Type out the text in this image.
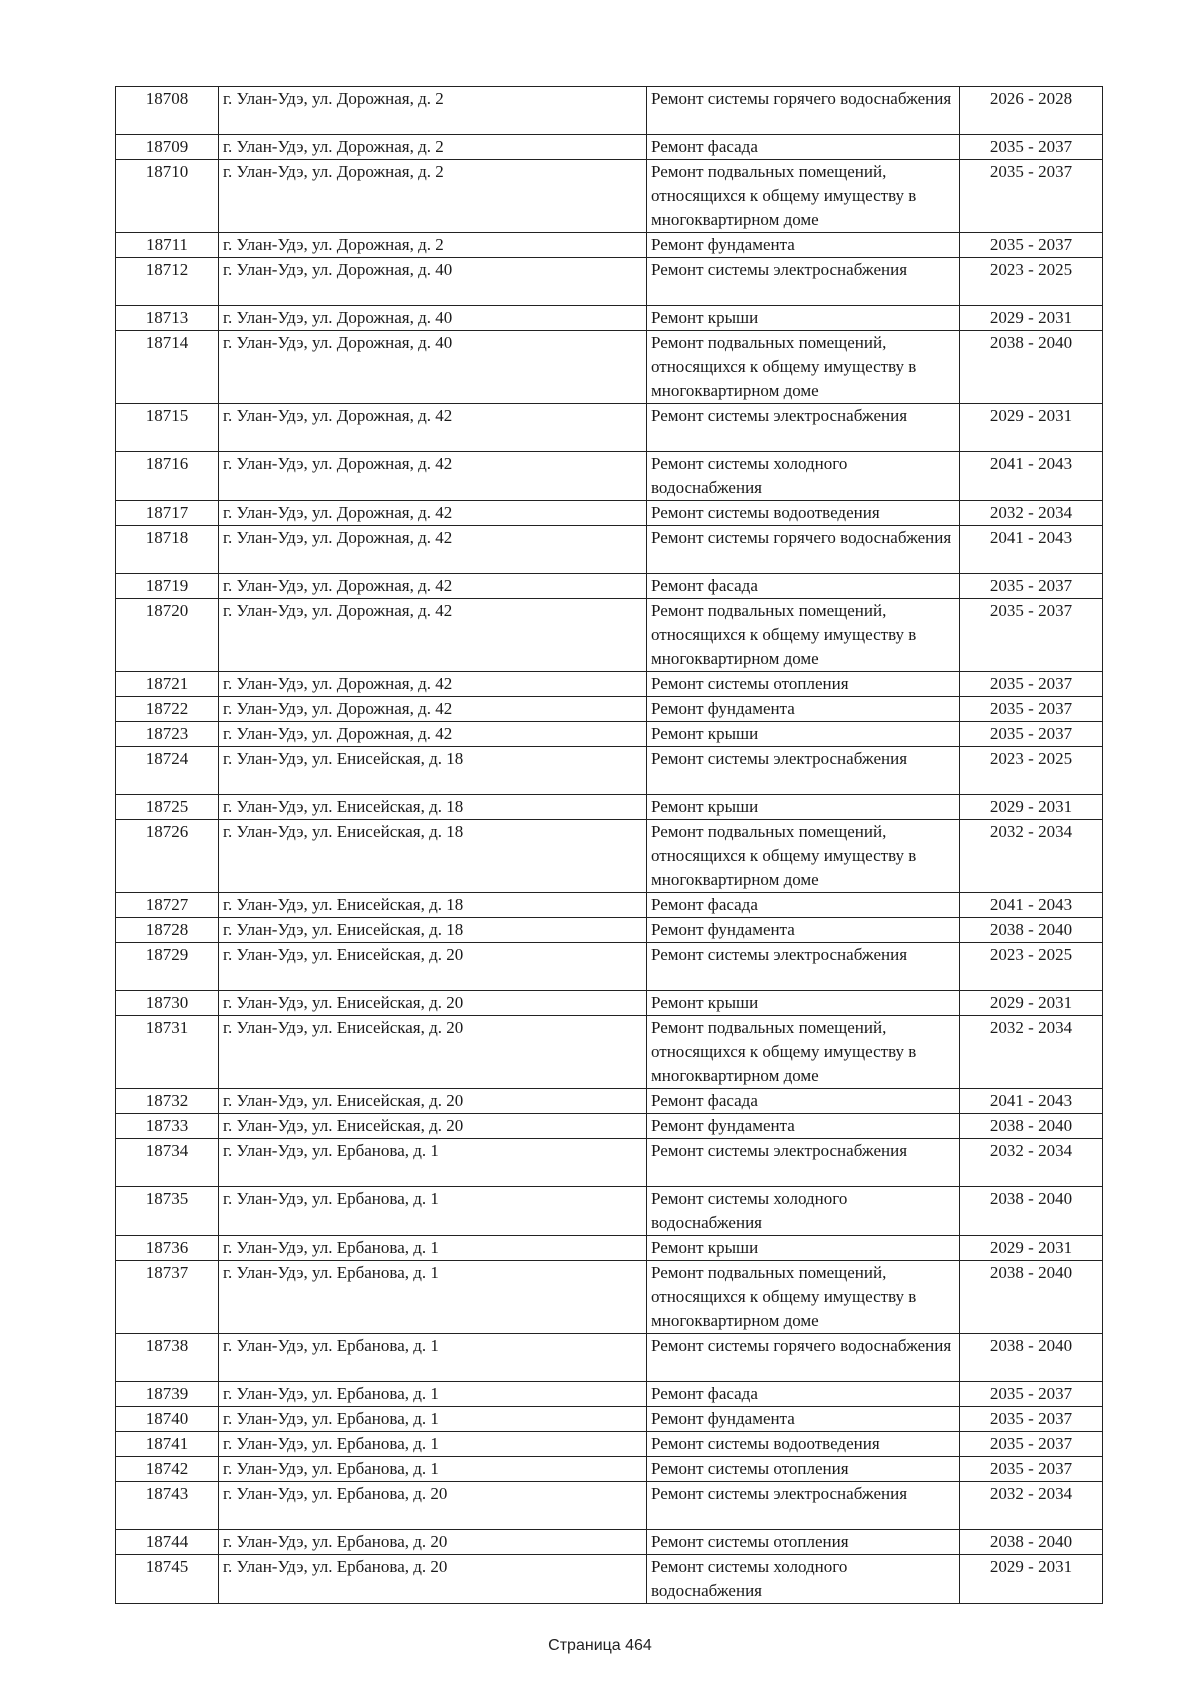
18708	г. Улан-Удэ, ул. Дорожная, д. 2	Ремонт системы горячего водоснабжения	2026 - 2028
18709	г. Улан-Удэ, ул. Дорожная, д. 2	Ремонт фасада	2035 - 2037
18710	г. Улан-Удэ, ул. Дорожная, д. 2	Ремонт подвальных помещений, относящихся к общему имуществу в многоквартирном доме	2035 - 2037
18711	г. Улан-Удэ, ул. Дорожная, д. 2	Ремонт фундамента	2035 - 2037
18712	г. Улан-Удэ, ул. Дорожная, д. 40	Ремонт системы электроснабжения	2023 - 2025
18713	г. Улан-Удэ, ул. Дорожная, д. 40	Ремонт крыши	2029 - 2031
18714	г. Улан-Удэ, ул. Дорожная, д. 40	Ремонт подвальных помещений, относящихся к общему имуществу в многоквартирном доме	2038 - 2040
18715	г. Улан-Удэ, ул. Дорожная, д. 42	Ремонт системы электроснабжения	2029 - 2031
18716	г. Улан-Удэ, ул. Дорожная, д. 42	Ремонт системы холодного водоснабжения	2041 - 2043
18717	г. Улан-Удэ, ул. Дорожная, д. 42	Ремонт системы водоотведения	2032 - 2034
18718	г. Улан-Удэ, ул. Дорожная, д. 42	Ремонт системы горячего водоснабжения	2041 - 2043
18719	г. Улан-Удэ, ул. Дорожная, д. 42	Ремонт фасада	2035 - 2037
18720	г. Улан-Удэ, ул. Дорожная, д. 42	Ремонт подвальных помещений, относящихся к общему имуществу в многоквартирном доме	2035 - 2037
18721	г. Улан-Удэ, ул. Дорожная, д. 42	Ремонт системы отопления	2035 - 2037
18722	г. Улан-Удэ, ул. Дорожная, д. 42	Ремонт фундамента	2035 - 2037
18723	г. Улан-Удэ, ул. Дорожная, д. 42	Ремонт крыши	2035 - 2037
18724	г. Улан-Удэ, ул. Енисейская, д. 18	Ремонт системы электроснабжения	2023 - 2025
18725	г. Улан-Удэ, ул. Енисейская, д. 18	Ремонт крыши	2029 - 2031
18726	г. Улан-Удэ, ул. Енисейская, д. 18	Ремонт подвальных помещений, относящихся к общему имуществу в многоквартирном доме	2032 - 2034
18727	г. Улан-Удэ, ул. Енисейская, д. 18	Ремонт фасада	2041 - 2043
18728	г. Улан-Удэ, ул. Енисейская, д. 18	Ремонт фундамента	2038 - 2040
18729	г. Улан-Удэ, ул. Енисейская, д. 20	Ремонт системы электроснабжения	2023 - 2025
18730	г. Улан-Удэ, ул. Енисейская, д. 20	Ремонт крыши	2029 - 2031
18731	г. Улан-Удэ, ул. Енисейская, д. 20	Ремонт подвальных помещений, относящихся к общему имуществу в многоквартирном доме	2032 - 2034
18732	г. Улан-Удэ, ул. Енисейская, д. 20	Ремонт фасада	2041 - 2043
18733	г. Улан-Удэ, ул. Енисейская, д. 20	Ремонт фундамента	2038 - 2040
18734	г. Улан-Удэ, ул. Ербанова, д. 1	Ремонт системы электроснабжения	2032 - 2034
18735	г. Улан-Удэ, ул. Ербанова, д. 1	Ремонт системы холодного водоснабжения	2038 - 2040
18736	г. Улан-Удэ, ул. Ербанова, д. 1	Ремонт крыши	2029 - 2031
18737	г. Улан-Удэ, ул. Ербанова, д. 1	Ремонт подвальных помещений, относящихся к общему имуществу в многоквартирном доме	2038 - 2040
18738	г. Улан-Удэ, ул. Ербанова, д. 1	Ремонт системы горячего водоснабжения	2038 - 2040
18739	г. Улан-Удэ, ул. Ербанова, д. 1	Ремонт фасада	2035 - 2037
18740	г. Улан-Удэ, ул. Ербанова, д. 1	Ремонт фундамента	2035 - 2037
18741	г. Улан-Удэ, ул. Ербанова, д. 1	Ремонт системы водоотведения	2035 - 2037
18742	г. Улан-Удэ, ул. Ербанова, д. 1	Ремонт системы отопления	2035 - 2037
18743	г. Улан-Удэ, ул. Ербанова, д. 20	Ремонт системы электроснабжения	2032 - 2034
18744	г. Улан-Удэ, ул. Ербанова, д. 20	Ремонт системы отопления	2038 - 2040
18745	г. Улан-Удэ, ул. Ербанова, д. 20	Ремонт системы холодного водоснабжения	2029 - 2031
Страница 464
